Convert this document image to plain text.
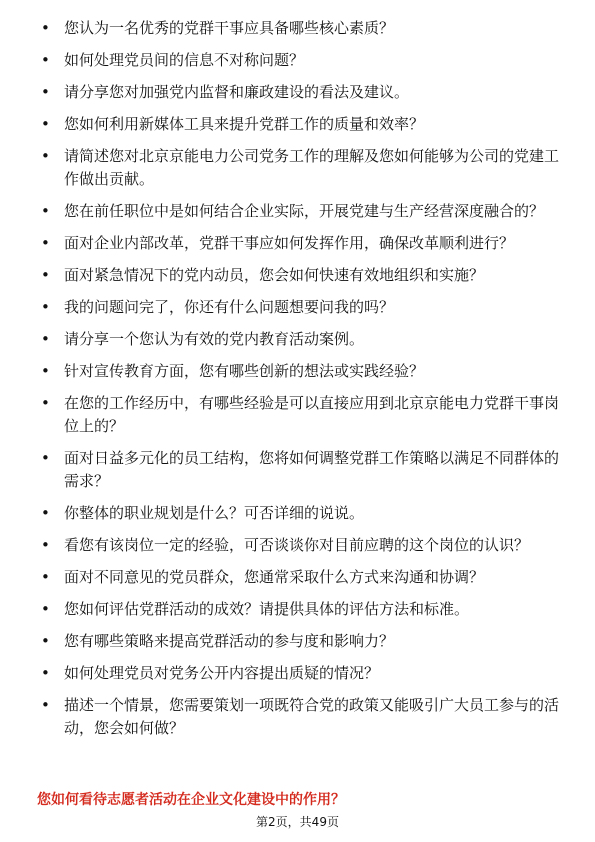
• 您认为一名优秀的党群干事应具备哪些核心素质？
• 如何处理党员间的信息不对称问题？
• 请分享您对加强党内监督和廉政建设的看法及建议。
• 您如何利用新媒体工具来提升党群工作的质量和效率？
• 请简述您对北京京能电力公司党务工作的理解及您如何能够为公司的党建工作做出贡献。
• 您在前任职位中是如何结合企业实际，开展党建与生产经营深度融合的？
• 面对企业内部改革，党群干事应如何发挥作用，确保改革顺利进行？
• 面对紧急情况下的党内动员，您会如何快速有效地组织和实施？
• 我的问题问完了，你还有什么问题想要问我的吗？
• 请分享一个您认为有效的党内教育活动案例。
• 针对宣传教育方面，您有哪些创新的想法或实践经验？
• 在您的工作经历中，有哪些经验是可以直接应用到北京京能电力党群干事岗位上的？
• 面对日益多元化的员工结构，您将如何调整党群工作策略以满足不同群体的需求？
• 你整体的职业规划是什么？可否详细的说说。
• 看您有该岗位一定的经验，可否谈谈你对目前应聘的这个岗位的认识？
• 面对不同意见的党员群众，您通常采取什么方式来沟通和协调？
• 您如何评估党群活动的成效？请提供具体的评估方法和标准。
• 您有哪些策略来提高党群活动的参与度和影响力？
• 如何处理党员对党务公开内容提出质疑的情况？
• 描述一个情景，您需要策划一项既符合党的政策又能吸引广大员工参与的活动，您会如何做？
您如何看待志愿者活动在企业文化建设中的作用？
第2页，共49页
